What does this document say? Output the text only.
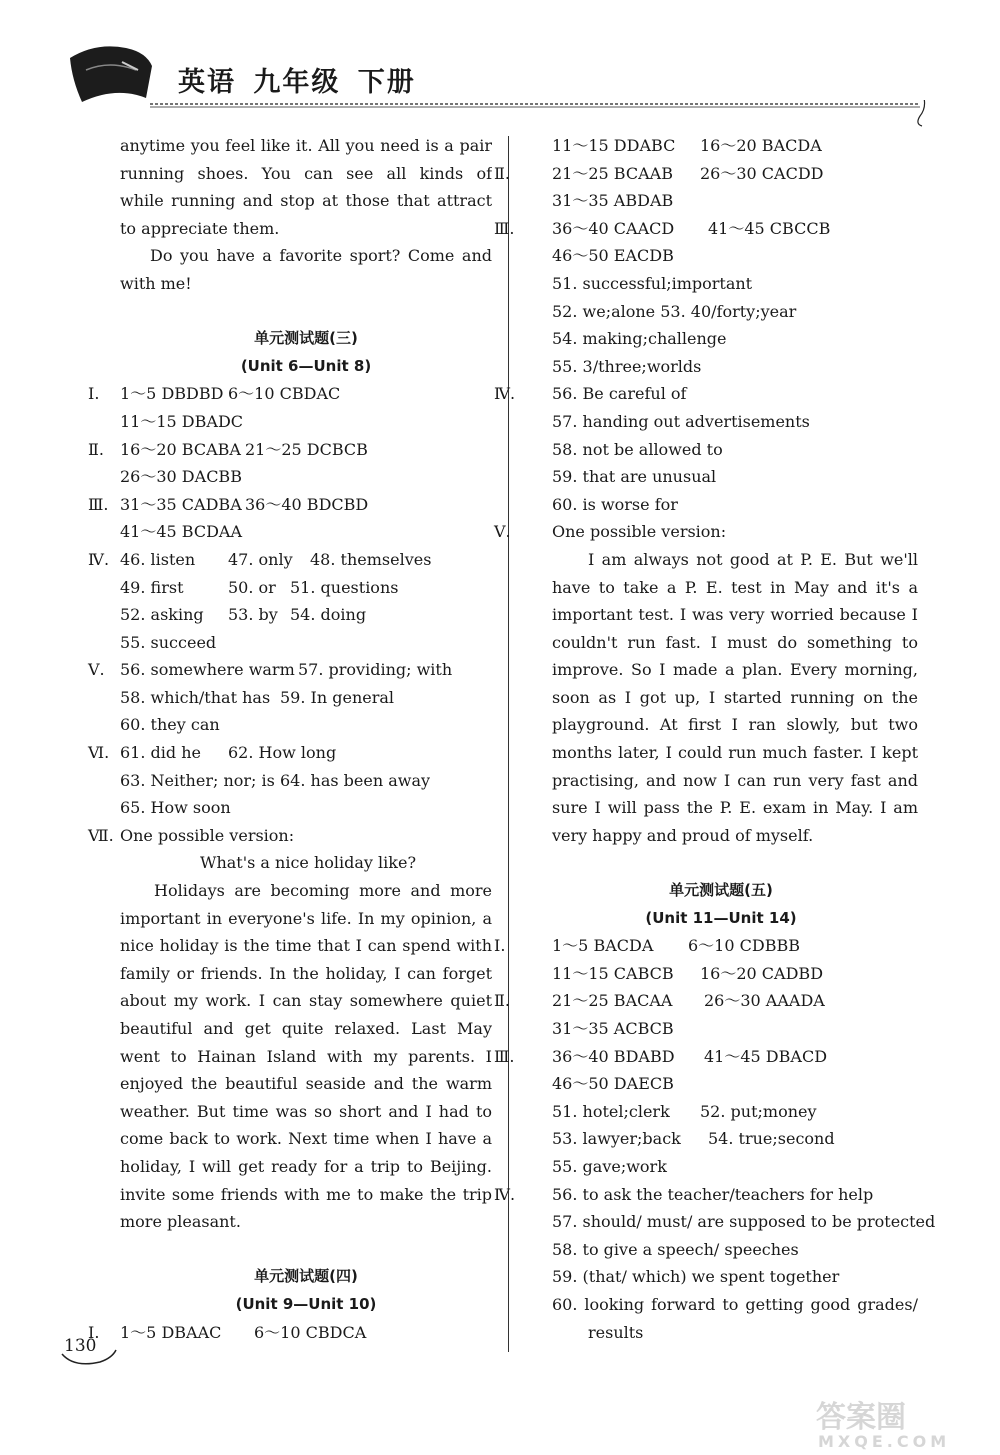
英语 九年级 下册
anytime you feel like it. All you need is a pair
running shoes. You can see all kinds of
while running and stop at those that attract
to appreciate them.
Do you have a favorite sport? Come and
with me!
单元测试题(三)
(Unit 6—Unit 8)
Ⅰ.	1～5 DBDBD 6～10 CBDAC
11～15 DBADC
Ⅱ.	16～20 BCABA 21～25 DCBCB
26～30 DACBB
Ⅲ. 31～35 CADBA 36～40 BDCBD
41～45 BCDAA
Ⅳ. 46. listen 47. only 48. themselves
49. first	50. or 51. questions
52. asking 53. by 54. doing
55. succeed
Ⅴ. 56. somewhere warm 57. providing; with
58. which/that has 59. In general
60. they can
Ⅵ. 61. did he 62. How long
63. Neither; nor; is 64. has been away
65. How soon
Ⅶ. One possible version:
What's a nice holiday like?
Holidays are becoming more and more
important in everyone's life. In my opinion, a
nice holiday is the time that I can spend with
family or friends. In the holiday, I can forget
about my work. I can stay somewhere quiet
beautiful and get quite relaxed. Last May
went to Hainan Island with my parents. I
enjoyed the beautiful seaside and the warm
weather. But time was so short and I had to
come back to work. Next time when I have a
holiday, I will get ready for a trip to Beijing.
invite some friends with me to make the trip
more pleasant.
单元测试题(四)
(Unit 9—Unit 10)
Ⅰ.	1～5 DBAAC 6～10 CBDCA
11～15 DDABC 16～20 BACDA
Ⅱ.	21～25 BCAAB 26～30 CACDD
31～35 ABDAB
Ⅲ.	36～40 CAACD 41～45 CBCCB
46～50 EACDB
51. successful;important
52. we;alone 53. 40/forty;year
54. making;challenge
55. 3/three;worlds
Ⅳ.	56. Be careful of
57. handing out advertisements
58. not be allowed to
59. that are unusual
60. is worse for
Ⅴ.	One possible version:
I am always not good at P. E. But we'll
have to take a P. E. test in May and it's a
important test. I was very worried because I
couldn't run fast. I must do something to
improve. So I made a plan. Every morning,
soon as I got up, I started running on the
playground. At first I ran slowly, but two
months later, I could run much faster. I kept
practising, and now I can run very fast and
sure I will pass the P. E. exam in May. I am
very happy and proud of myself.
单元测试题(五)
(Unit 11—Unit 14)
Ⅰ.	1～5 BACDA 6～10 CDBBB
11～15 CABCB 16～20 CADBD
Ⅱ.	21～25 BACAA 26～30 AAADA
31～35 ACBCB
Ⅲ.	36～40 BDABD 41～45 DBACD
46～50 DAECB
51. hotel;clerk 52. put;money
53. lawyer;back 54. true;second
55. gave;work
Ⅳ.	56. to ask the teacher/teachers for help
57. should/ must/ are supposed to be protected
58. to give a speech/ speeches
59. (that/ which) we spent together
60. looking forward to getting good grades/
results
130
答案圈
MXQE.COM
